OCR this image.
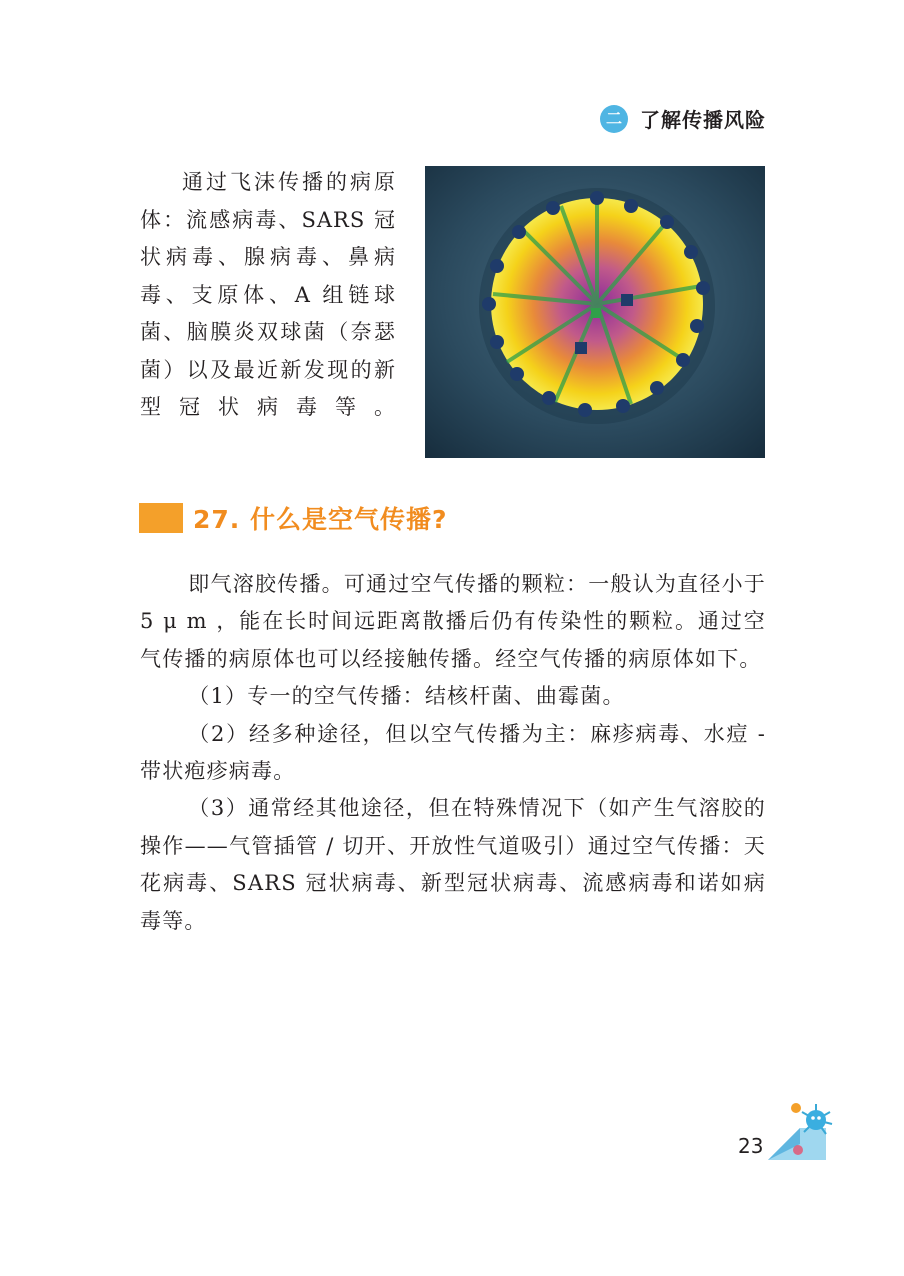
二 了解传播风险

通过飞沫传播的病原体：流感病毒、SARS 冠状病毒、腺病毒、鼻病毒、支原体、A 组链球菌、脑膜炎双球菌（奈瑟菌）以及最近新发现的新型冠状病毒等。

27. 什么是空气传播?

即气溶胶传播。可通过空气传播的颗粒：一般认为直径小于 5 μ m ，能在长时间远距离散播后仍有传染性的颗粒。通过空气传播的病原体也可以经接触传播。经空气传播的病原体如下。

（1）专一的空气传播：结核杆菌、曲霉菌。

（2）经多种途径，但以空气传播为主：麻疹病毒、水痘 - 带状疱疹病毒。

（3）通常经其他途径，但在特殊情况下（如产生气溶胶的操作——气管插管 / 切开、开放性气道吸引）通过空气传播：天花病毒、SARS 冠状病毒、新型冠状病毒、流感病毒和诺如病毒等。

23
